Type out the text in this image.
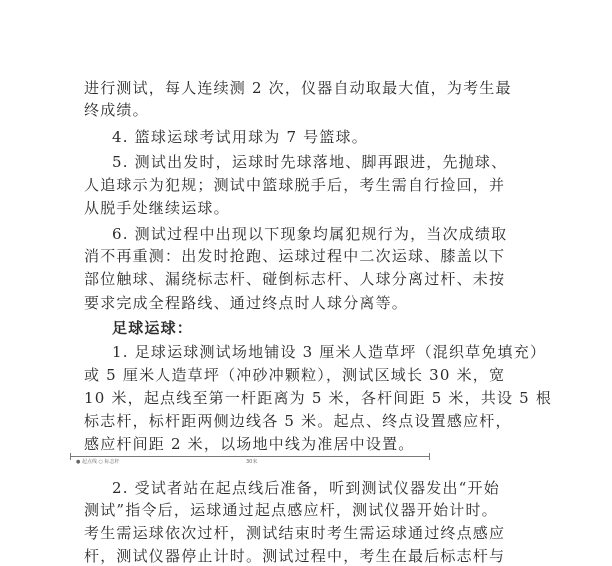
进行测试，每人连续测 2 次，仪器自动取最大值，为考生最
终成绩。
4. 篮球运球考试用球为 7 号篮球。
5. 测试出发时，运球时先球落地、脚再跟进，先抛球、
人追球示为犯规；测试中篮球脱手后，考生需自行捡回，并
从脱手处继续运球。
6. 测试过程中出现以下现象均属犯规行为，当次成绩取
消不再重测：出发时抢跑、运球过程中二次运球、膝盖以下
部位触球、漏绕标志杆、碰倒标志杆、人球分离过杆、未按
要求完成全程路线、通过终点时人球分离等。
足球运球：
1. 足球运球测试场地铺设 3 厘米人造草坪（混织草免填充）
或 5 厘米人造草坪（冲砂冲颗粒），测试区域长 30 米，宽
10 米，起点线至第一杆距离为 5 米，各杆间距 5 米，共设 5 根
标志杆，标杆距两侧边线各 5 米。起点、终点设置感应杆，
感应杆间距 2 米，以场地中线为准居中设置。
● 起点线 ○ 标志杆	30米
2. 受试者站在起点线后准备，听到测试仪器发出“开始
测试”指令后，运球通过起点感应杆，测试仪器开始计时。
考生需运球依次过杆，测试结束时考生需运球通过终点感应
杆，测试仪器停止计时。测试过程中，考生在最后标志杆与
